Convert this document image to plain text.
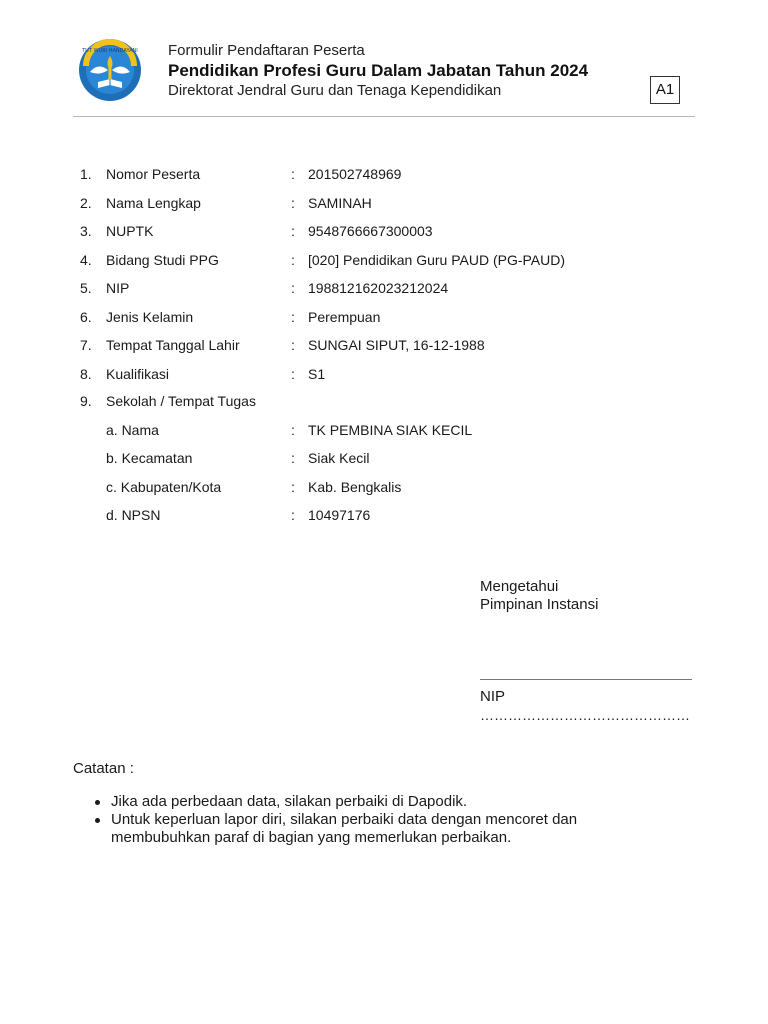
TUT WURI HANDAYANI Formulir Pendaftaran Peserta
Pendidikan Profesi Guru Dalam Jabatan Tahun 2024
Direktorat Jendral Guru dan Tenaga Kependidikan	A1
1. Nomor Peserta	: 201502748969
2. Nama Lengkap	: SAMINAH
3. NUPTK	: 9548766667300003
4. Bidang Studi PPG	: [020] Pendidikan Guru PAUD (PG-PAUD)
5. NIP	: 198812162023212024
6. Jenis Kelamin	: Perempuan
7. Tempat Tanggal Lahir	: SUNGAI SIPUT, 16-12-1988
8. Kualifikasi	: S1
9. Sekolah / Tempat Tugas
a. Nama	: TK PEMBINA SIAK KECIL
b. Kecamatan	: Siak Kecil
c. Kabupaten/Kota	: Kab. Bengkalis
d. NPSN	: 10497176
Mengetahui
Pimpinan Instansi
NIP
………………………………………
Catatan :
Jika ada perbedaan data, silakan perbaiki di Dapodik.
Untuk keperluan lapor diri, silakan perbaiki data dengan mencoret dan membubuhkan paraf di bagian yang memerlukan perbaikan.
